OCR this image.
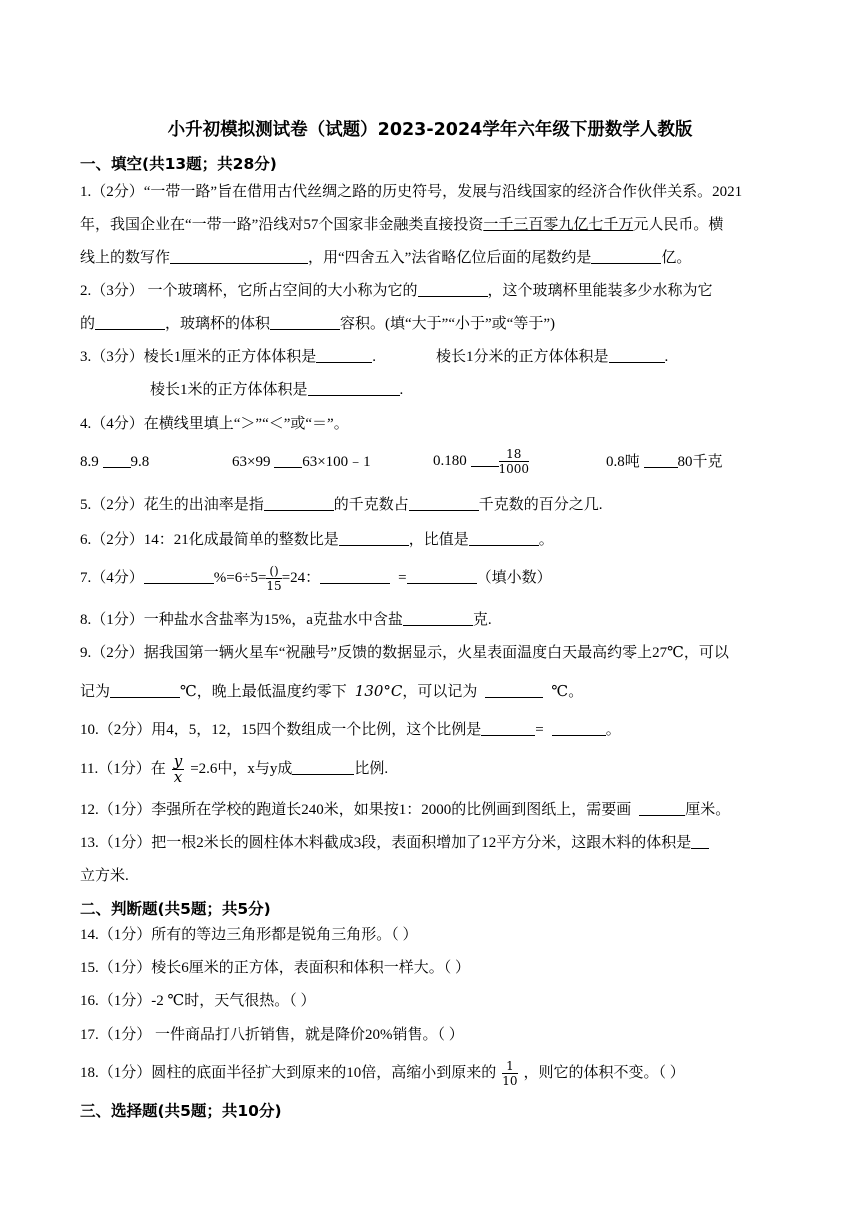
小升初模拟测试卷（试题）2023-2024学年六年级下册数学人教版
一、填空(共13题；共28分)
1.（2分）“一带一路”旨在借用古代丝绸之路的历史符号，发展与沿线国家的经济合作伙伴关系。2021
年，我国企业在“一带一路”沿线对57个国家非金融类直接投资一千三百零九亿七千万元人民币。横
线上的数写作	，用“四舍五入”法省略亿位后面的尾数约是	亿。
2.（3分） 一个玻璃杯，它所占空间的大小称为它的	，这个玻璃杯里能装多少水称为它
的	，玻璃杯的体积	容积。(填“大于”“小于”或“等于”)
3.（3分）棱长1厘米的正方体体积是	.	棱长1分米的正方体体积是	.
棱长1米的正方体体积是	.
4.（4分）在横线里填上“＞”“＜”或“＝”。
8.9 9.8	63×99 63×100﹣1	0.180	$\frac{18}{1000}$	0.8吨	80千克
5.（2分）花生的出油率是指	的千克数占	千克数的百分之几.
6.（2分）14：21化成最简单的整数比是	，比值是	。
7.（4分）	$\%=6\div 5= \frac{()}{15} =24$：	=	（填小数）
8.（1分）一种盐水含盐率为15%，a克盐水中含盐	克.
9.（2分）据我国第一辆火星车“祝融号”反馈的数据显示，火星表面温度白天最高约零上27℃，可以
记为	℃，晚上最低温度约零下 130°C，可以记为	℃。
10.（2分）用4，5，12，15四个数组成一个比例，这个比例是	=	。
11.（1分）在 $\frac{y}{x} =2.6$中，x与y成	比例.
12.（1分）李强所在学校的跑道长240米，如果按1：2000的比例画到图纸上，需要画	厘米。
13.（1分）把一根2米长的圆柱体木料截成3段，表面积增加了12平方分米，这跟木料的体积是
立方米.
二、判断题(共5题；共5分)
14.（1分）所有的等边三角形都是锐角三角形。（ ）
15.（1分）棱长6厘米的正方体，表面积和体积一样大。（ ）
16.（1分）-2 ℃时，天气很热。（ ）
17.（1分） 一件商品打八折销售，就是降价20%销售。（ ）
18.（1分）圆柱的底面半径扩大到原来的10倍，高缩小到原来的 $\frac{1}{10}$ ，则它的体积不变。（ ）
三、选择题(共5题；共10分)
